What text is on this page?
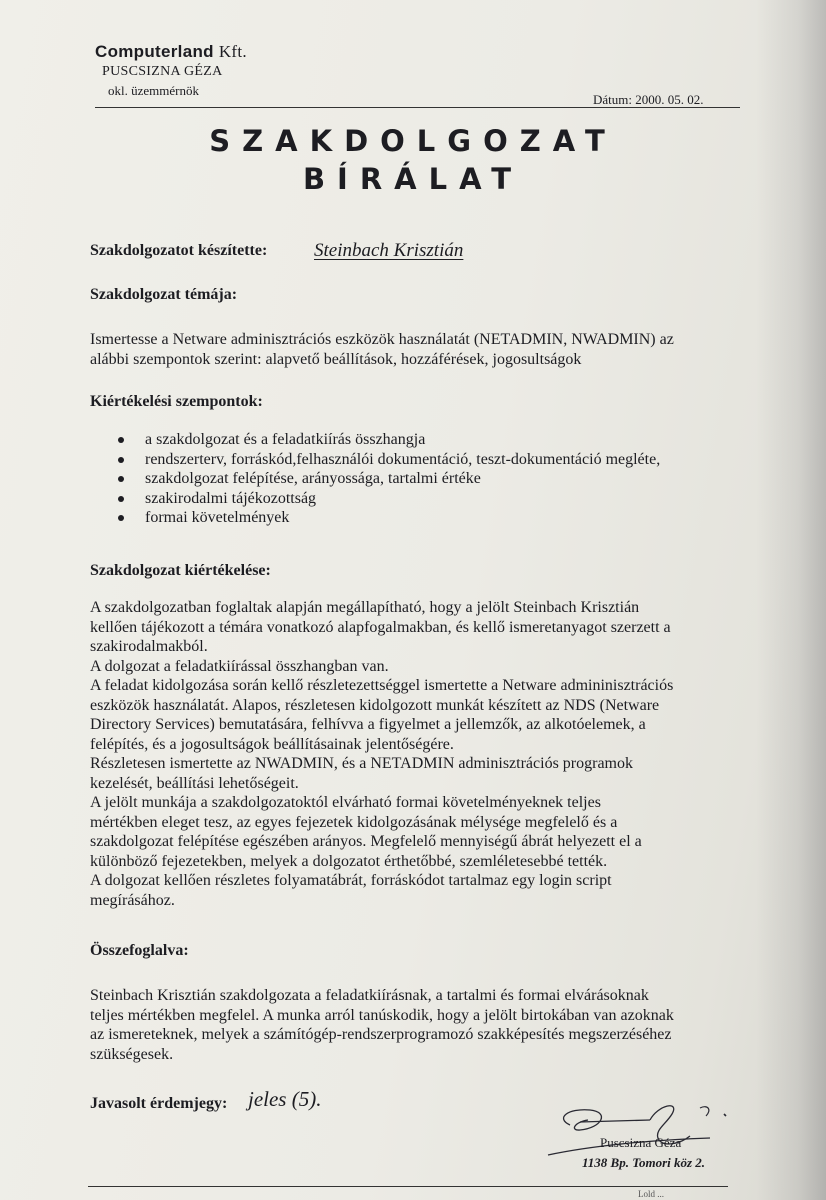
Computerland Kft.
PUSCSIZNA GÉZA
okl. üzemmérnök
Dátum: 2000. 05. 02.
SZAKDOLGOZAT
BÍRÁLAT
Szakdolgozatot készítette: Steinbach Krisztián
Szakdolgozat témája:
Ismertesse a Netware adminisztrációs eszközök használatát (NETADMIN, NWADMIN) az
alábbi szempontok szerint: alapvető beállítások, hozzáférések, jogosultságok
Kiértékelési szempontok:
a szakdolgozat és a feladatkiírás összhangja
rendszerterv, forráskód,felhasználói dokumentáció, teszt-dokumentáció megléte,
szakdolgozat felépítése, arányossága, tartalmi értéke
szakirodalmi tájékozottság
formai követelmények
Szakdolgozat kiértékelése:
A szakdolgozatban foglaltak alapján megállapítható, hogy a jelölt Steinbach Krisztián
kellően tájékozott a témára vonatkozó alapfogalmakban, és kellő ismeretanyagot szerzett a
szakirodalmakból.
A dolgozat a feladatkiírással összhangban van.
A feladat kidolgozása során kellő részletezettséggel ismertette a Netware admininisztrációs
eszközök használatát. Alapos, részletesen kidolgozott munkát készített az NDS (Netware
Directory Services) bemutatására, felhívva a figyelmet a jellemzők, az alkotóelemek, a
felépítés, és a jogosultságok beállításainak jelentőségére.
Részletesen ismertette az NWADMIN, és a NETADMIN adminisztrációs programok
kezelését, beállítási lehetőségeit.
A jelölt munkája a szakdolgozatoktól elvárható formai követelményeknek teljes
mértékben eleget tesz, az egyes fejezetek kidolgozásának mélysége megfelelő és a
szakdolgozat felépítése egészében arányos. Megfelelő mennyiségű ábrát helyezett el a
különböző fejezetekben, melyek a dolgozatot érthetőbbé, szemléletesebbé tették.
A dolgozat kellően részletes folyamatábrát, forráskódot tartalmaz egy login script
megírásához.
Összefoglalva:
Steinbach Krisztián szakdolgozata a feladatkiírásnak, a tartalmi és formai elvárásoknak
teljes mértékben megfelel. A munka arról tanúskodik, hogy a jelölt birtokában van azoknak
az ismereteknek, melyek a számítógép-rendszerprogramozó szakképesítés megszerzéséhez
szükségesek.
Javasolt érdemjegy: jeles (5).
Puscsizna Géza
1138 Bp. Tomori köz 2.
Lold ...
